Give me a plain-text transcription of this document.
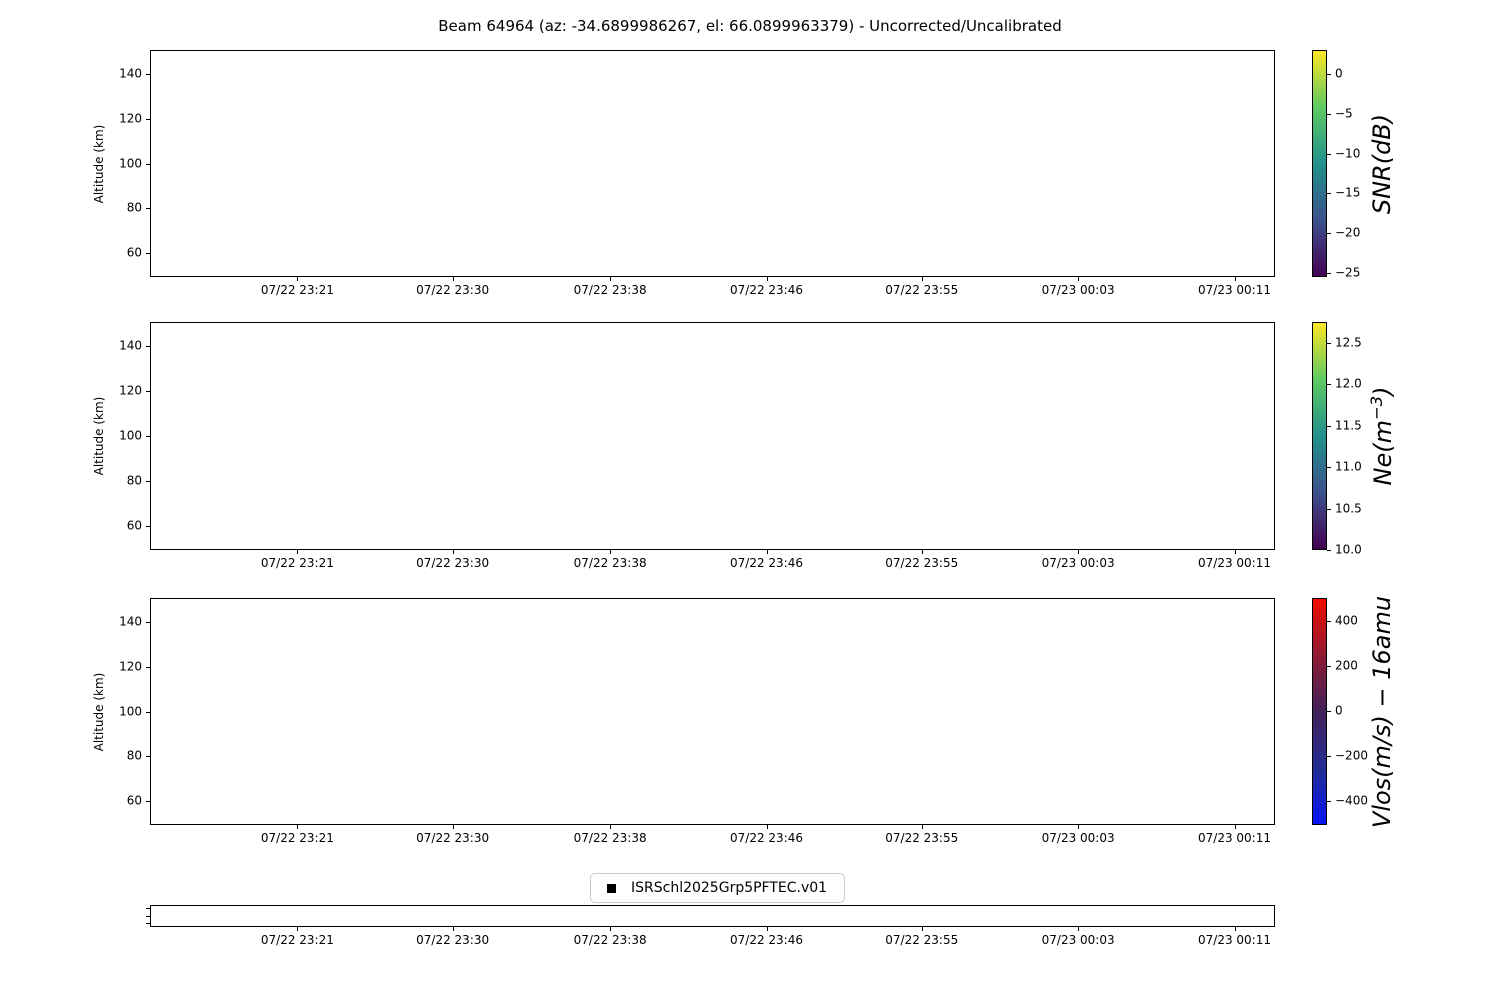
Beam 64964 (az: -34.6899986267, el: 66.0899963379) - Uncorrected/Uncalibrated
140
120
100
80
60
07/22 23:21	07/22 23:30	07/22 23:38	07/22 23:46	07/22 23:55	07/23 00:03	07/23 00:11
Altitude (km)
140
120
100
80
60
07/22 23:21	07/22 23:30	07/22 23:38	07/22 23:46	07/22 23:55	07/23 00:03	07/23 00:11
Altitude (km)
140
120
100
80
60
07/22 23:21	07/22 23:30	07/22 23:38	07/22 23:46	07/22 23:55	07/23 00:03	07/23 00:11
Altitude (km)
07/22 23:21	07/22 23:30	07/22 23:38	07/22 23:46	07/22 23:55	07/23 00:03	07/23 00:11
0
−5
−10
−15
−20
−25
SNR(dB)
12.5
12.0
11.5
11.0
10.5
10.0
$Ne(m^{-3})$
400
200
0
−200
−400 Vlos(m/s) − 16amu
ISRSchl2025Grp5PFTEC.v01
